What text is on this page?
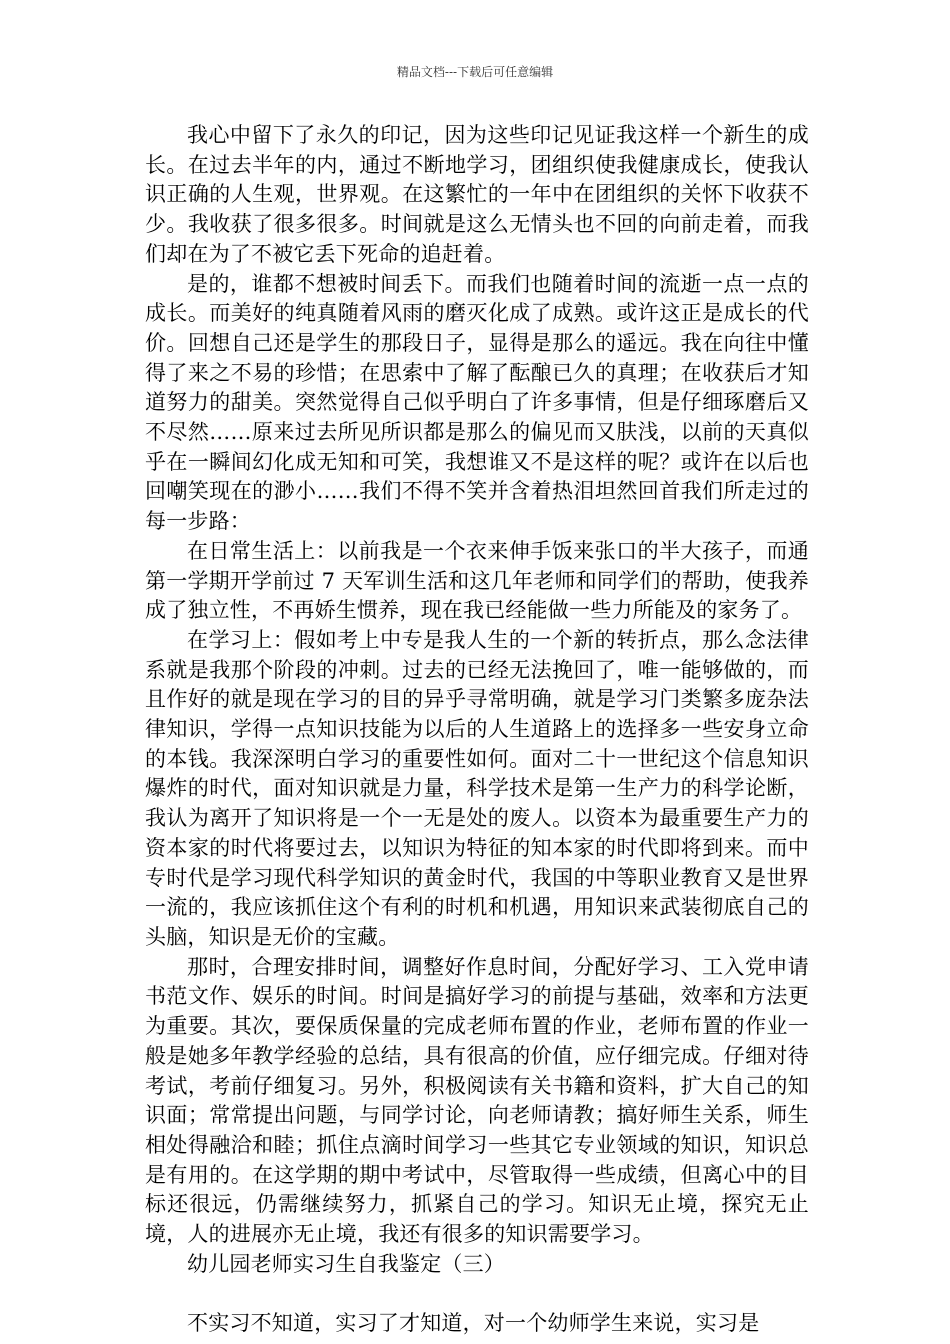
精品文档---下载后可任意编辑

我心中留下了永久的印记，因为这些印记见证我这样一个新生的成长。在过去半年的内，通过不断地学习，团组织使我健康成长，使我认识正确的人生观，世界观。在这繁忙的一年中在团组织的关怀下收获不少。我收获了很多很多。时间就是这么无情头也不回的向前走着，而我们却在为了不被它丢下死命的追赶着。

是的，谁都不想被时间丢下。而我们也随着时间的流逝一点一点的成长。而美好的纯真随着风雨的磨灭化成了成熟。或许这正是成长的代价。回想自己还是学生的那段日子，显得是那么的遥远。我在向往中懂得了来之不易的珍惜；在思索中了解了酝酿已久的真理；在收获后才知道努力的甜美。突然觉得自己似乎明白了许多事情，但是仔细琢磨后又不尽然……原来过去所见所识都是那么的偏见而又肤浅，以前的天真似乎在一瞬间幻化成无知和可笑，我想谁又不是这样的呢？或许在以后也回嘲笑现在的渺小……我们不得不笑并含着热泪坦然回首我们所走过的每一步路：

在日常生活上：以前我是一个衣来伸手饭来张口的半大孩子，而通第一学期开学前过 7 天军训生活和这几年老师和同学们的帮助，使我养成了独立性，不再娇生惯养，现在我已经能做一些力所能及的家务了。

在学习上：假如考上中专是我人生的一个新的转折点，那么念法律系就是我那个阶段的冲刺。过去的已经无法挽回了，唯一能够做的，而且作好的就是现在学习的目的异乎寻常明确，就是学习门类繁多庞杂法律知识，学得一点知识技能为以后的人生道路上的选择多一些安身立命的本钱。我深深明白学习的重要性如何。面对二十一世纪这个信息知识爆炸的时代，面对知识就是力量，科学技术是第一生产力的科学论断，我认为离开了知识将是一个一无是处的废人。以资本为最重要生产力的资本家的时代将要过去，以知识为特征的知本家的时代即将到来。而中专时代是学习现代科学知识的黄金时代，我国的中等职业教育又是世界一流的，我应该抓住这个有利的时机和机遇，用知识来武装彻底自己的头脑，知识是无价的宝藏。

那时，合理安排时间，调整好作息时间，分配好学习、工入党申请书范文作、娱乐的时间。时间是搞好学习的前提与基础，效率和方法更为重要。其次，要保质保量的完成老师布置的作业，老师布置的作业一般是她多年教学经验的总结，具有很高的价值，应仔细完成。仔细对待考试，考前仔细复习。另外，积极阅读有关书籍和资料，扩大自己的知识面；常常提出问题，与同学讨论，向老师请教；搞好师生关系，师生相处得融洽和睦；抓住点滴时间学习一些其它专业领域的知识，知识总是有用的。在这学期的期中考试中，尽管取得一些成绩，但离心中的目标还很远，仍需继续努力，抓紧自己的学习。知识无止境，探究无止境，人的进展亦无止境，我还有很多的知识需要学习。

幼儿园老师实习生自我鉴定（三）

不实习不知道，实习了才知道，对一个幼师学生来说，实习是
